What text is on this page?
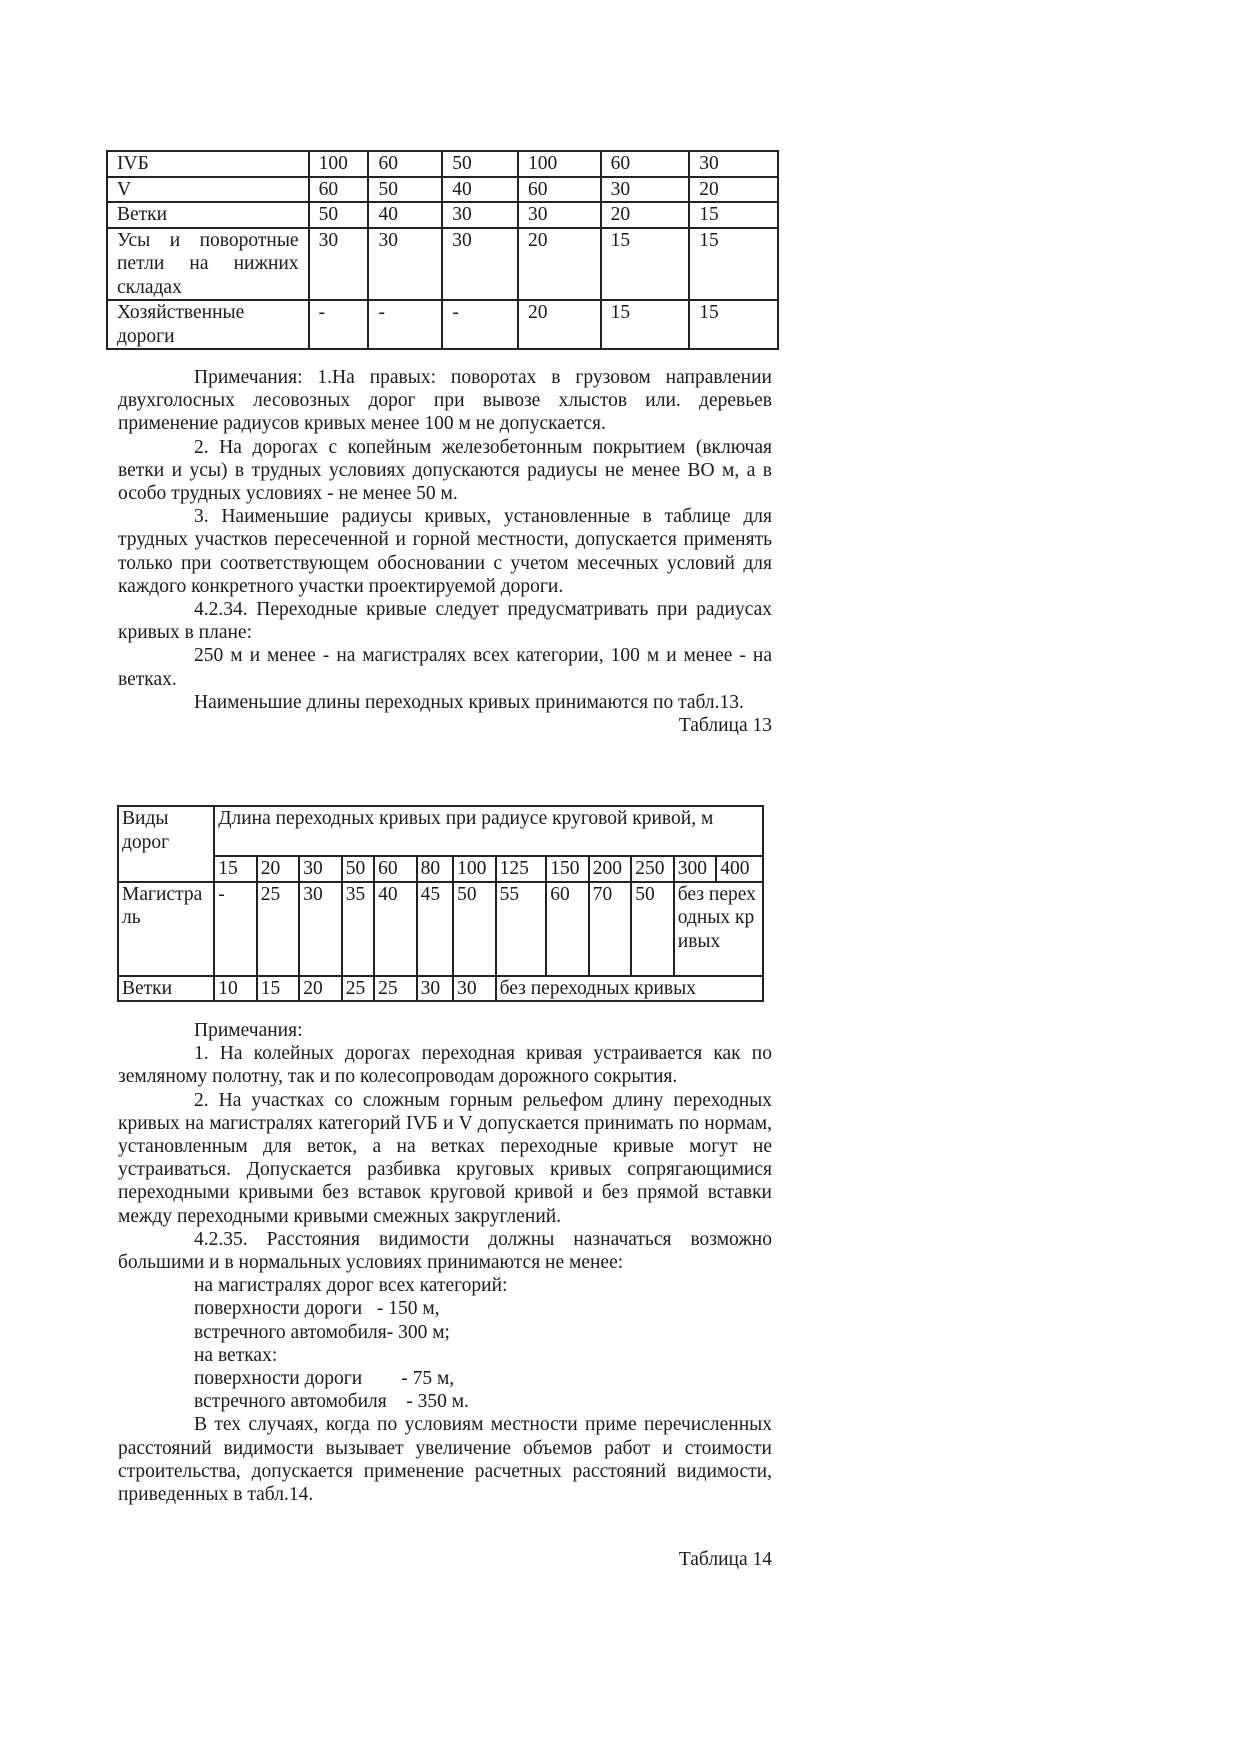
IVБ	100	60	50	100	60	30
V	60	50	40	60	30	20
Ветки	50	40	30	30	20	15
Усы и поворотные петли на нижних складах	30	30	30	20	15	15
Хозяйственные дороги	-	-	-	20	15	15

Примечания: 1.На правых: поворотах в грузовом направлении двухголосных лесовозных дорог при вывозе хлыстов или. деревьев применение радиусов кривых менее 100 м не допускается.

2. На дорогах с копейным железобетонным покрытием (включая ветки и усы) в трудных условиях допускаются радиусы не менее ВО м, а в особо трудных условиях - не менее 50 м.

3. Наименьшие радиусы кривых, установленные в таблице для трудных участков пересеченной и горной местности, допускается применять только при соответствующем обосновании с учетом месечных условий для каждого конкретного участки проектируемой дороги.

4.2.34. Переходные кривые следует предусматривать при радиусах кривых в плане:

250 м и менее - на магистралях всех категории, 100 м и менее - на ветках.

Наименьшие длины переходных кривых принимаются по табл.13.

Таблица 13

Виды дорог	Длина переходных кривых при радиусе круговой кривой, м												
	15	20	30	50	60	80	100	125	150	200	250	300	400
Магистраль	-	25	30	35	40	45	50	55	60	70	50	без переходных кривых	
Ветки	10	15	20	25	25	30	30	без переходных кривых					

Примечания:

1. На колейных дорогах переходная кривая устраивается как по земляному полотну, так и по колесопроводам дорожного сокрытия.

2. На участках со сложным горным рельефом длину переходных кривых на магистралях категорий IVБ и V допускается принимать по нормам, установленным для веток, а на ветках переходные кривые могут не устраиваться. Допускается разбивка круговых кривых сопрягающимися переходными кривыми без вставок круговой кривой и без прямой вставки между переходными кривыми смежных закруглений.

4.2.35. Расстояния видимости должны назначаться возможно большими и в нормальных условиях принимаются не менее:

на магистралях дорог всех категорий:

поверхности дороги   - 150 м,

встречного автомобиля- 300 м;

на ветках:

поверхности дороги        - 75 м,

встречного автомобиля    - 350 м.

В тех случаях, когда по условиям местности приме перечисленных расстояний видимости вызывает увеличение объемов работ и стоимости строительства, допускается применение расчетных расстояний видимости, приведенных в табл.14.

Таблица 14
